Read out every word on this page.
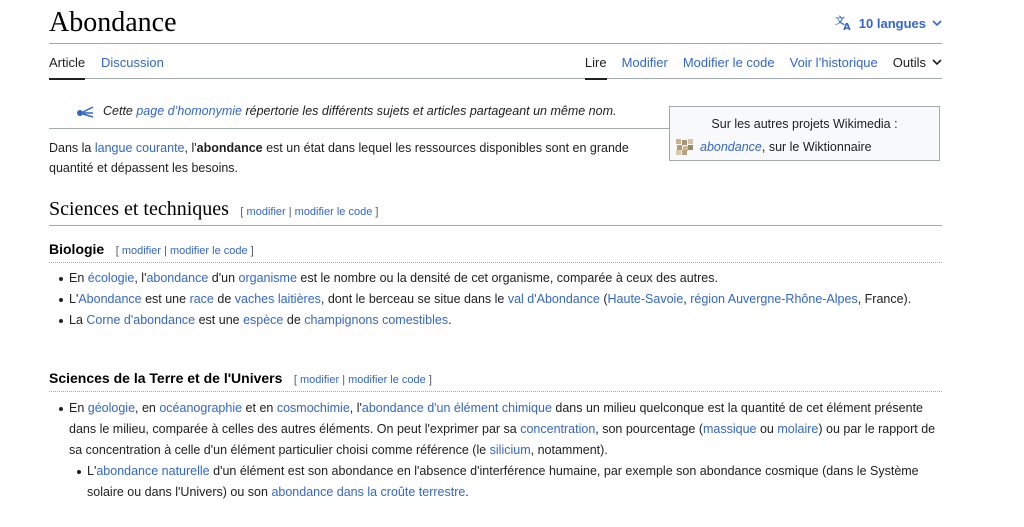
Abondance	文
A 10 langues
Article Discussion	Lire Modifier Modifier le code Voir l’historique Outils
Cette page d’homonymie répertorie les différents sujets et articles partageant un même nom.
Sur les autres projets Wikimedia :
abondance, sur le Wiktionnaire

Dans la langue courante, l'abondance est un état dans lequel les ressources disponibles sont en grande quantité et dépassent les besoins.

Sciences et techniques [ modifier | modifier le code ]
Biologie [ modifier | modifier le code ]
En écologie, l'abondance d'un organisme est le nombre ou la densité de cet organisme, comparée à ceux des autres.
L'Abondance est une race de vaches laitières, dont le berceau se situe dans le val d'Abondance (Haute-Savoie, région Auvergne-Rhône-Alpes, France).
La Corne d'abondance est une espèce de champignons comestibles.
Sciences de la Terre et de l'Univers [ modifier | modifier le code ]
En géologie, en océanographie et en cosmochimie, l'abondance d'un élément chimique dans un milieu quelconque est la quantité de cet élément présente dans le milieu, comparée à celles des autres éléments. On peut l'exprimer par sa concentration, son pourcentage (massique ou molaire) ou par le rapport de sa concentration à celle d'un élément particulier choisi comme référence (le silicium, notamment).
L'abondance naturelle d'un élément est son abondance en l'absence d'interférence humaine, par exemple son abondance cosmique (dans le Système solaire ou dans l'Univers) ou son abondance dans la croûte terrestre.
